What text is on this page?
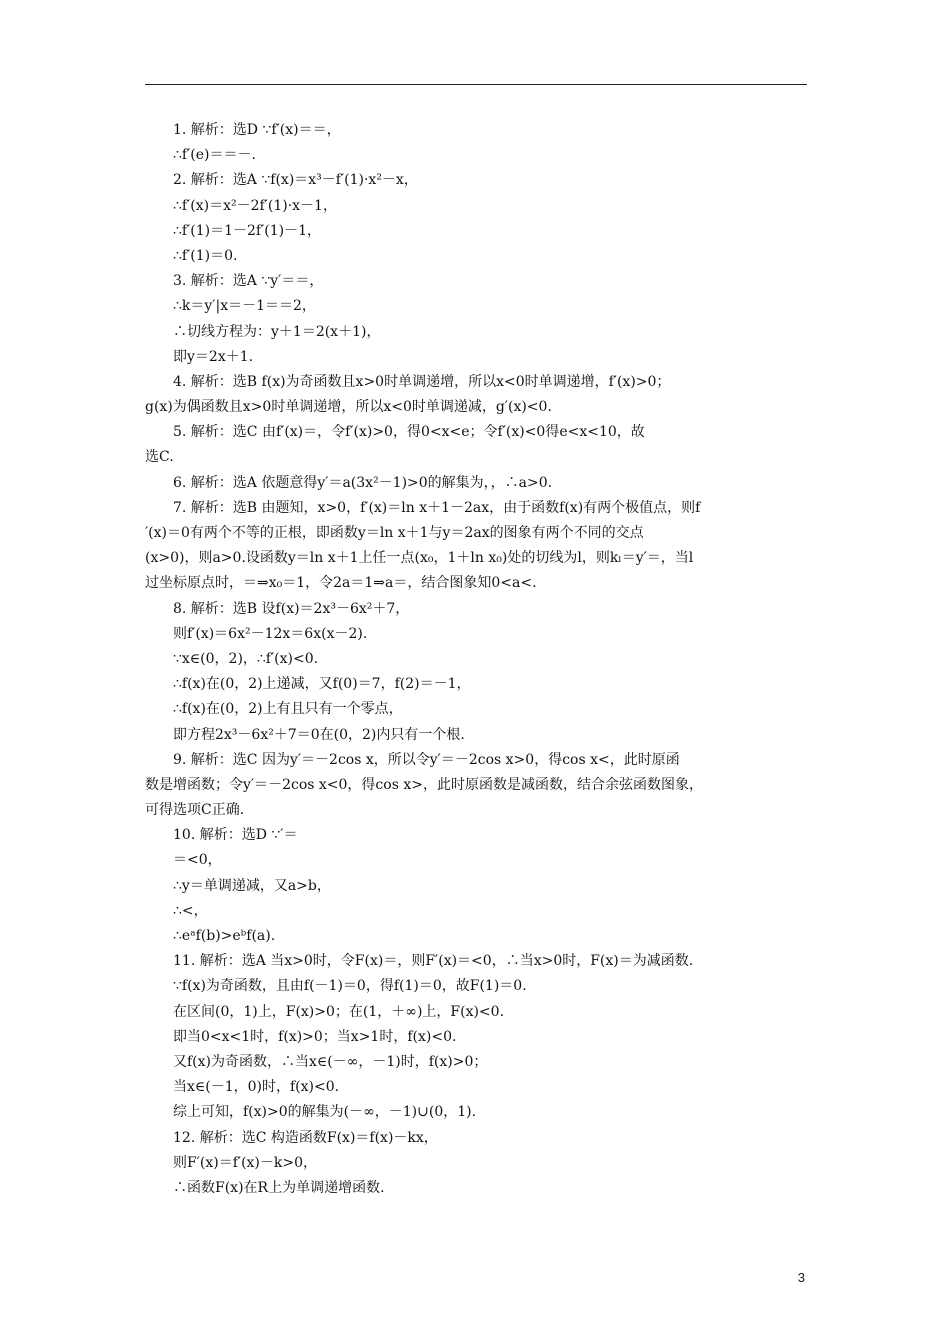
1. 解析：选D ∵f′(x)＝＝，
∴f′(e)＝＝－.
2. 解析：选A ∵f(x)＝x³－f′(1)·x²－x，
∴f′(x)＝x²－2f′(1)·x－1，
∴f′(1)＝1－2f′(1)－1，
∴f′(1)＝0.
3. 解析：选A ∵y′＝＝，
∴k＝y′|x＝－1＝＝2，
∴切线方程为：y＋1＝2(x＋1)，
即y＝2x＋1.
4. 解析：选B f(x)为奇函数且x>0时单调递增，所以x<0时单调递增，f′(x)>0；
g(x)为偶函数且x>0时单调递增，所以x<0时单调递减，g′(x)<0.
5. 解析：选C 由f′(x)＝，令f′(x)>0，得0<x<e；令f′(x)<0得e<x<10，故
选C.
6. 解析：选A 依题意得y′＝a(3x²－1)>0的解集为，，∴a>0.
7. 解析：选B 由题知，x>0，f′(x)＝ln x＋1－2ax，由于函数f(x)有两个极值点，则f
′(x)＝0有两个不等的正根，即函数y＝ln x＋1与y＝2ax的图象有两个不同的交点
(x>0)，则a>0.设函数y＝ln x＋1上任一点(x₀，1＋ln x₀)处的切线为l，则kₗ＝y′＝，当l
过坐标原点时，＝⇒x₀＝1，令2a＝1⇒a＝，结合图象知0<a<.
8. 解析：选B 设f(x)＝2x³－6x²＋7，
则f′(x)＝6x²－12x＝6x(x－2).
∵x∈(0，2)，∴f′(x)<0.
∴f(x)在(0，2)上递减，又f(0)＝7，f(2)＝－1，
∴f(x)在(0，2)上有且只有一个零点，
即方程2x³－6x²＋7＝0在(0，2)内只有一个根.
9. 解析：选C 因为y′＝－2cos x，所以令y′＝－2cos x>0，得cos x<，此时原函
数是增函数；令y′＝－2cos x<0，得cos x>，此时原函数是减函数，结合余弦函数图象，
可得选项C正确.
10. 解析：选D ∵′＝
＝<0，
∴y＝单调递减，又a>b，
∴<，
∴eᵃf(b)>eᵇf(a).
11. 解析：选A 当x>0时，令F(x)＝，则F′(x)＝<0，∴当x>0时，F(x)＝为减函数.
∵f(x)为奇函数，且由f(－1)＝0，得f(1)＝0，故F(1)＝0.
在区间(0，1)上，F(x)>0；在(1，＋∞)上，F(x)<0.
即当0<x<1时，f(x)>0；当x>1时，f(x)<0.
又f(x)为奇函数，∴当x∈(－∞，－1)时，f(x)>0；
当x∈(－1，0)时，f(x)<0.
综上可知，f(x)>0的解集为(－∞，－1)∪(0，1).
12. 解析：选C 构造函数F(x)＝f(x)－kx，
则F′(x)＝f′(x)－k>0，
∴函数F(x)在R上为单调递增函数.
3
